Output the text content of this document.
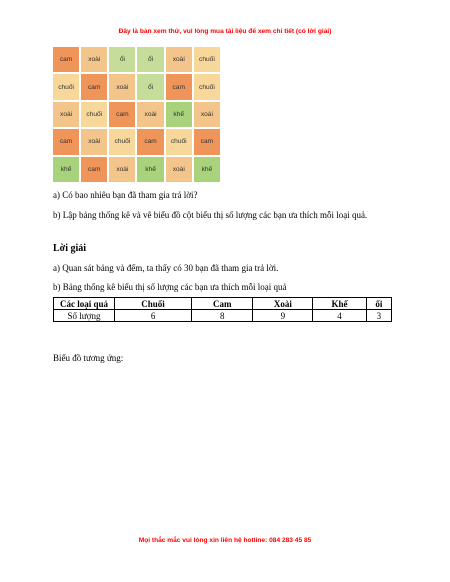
Đây là bản xem thử, vui lòng mua tài liệu để xem chi tiết (có lời giải)
cam	xoài	ổi	ổi	xoài	chuối
chuối	cam	xoài	ổi	cam	chuối
xoài	chuối	cam	xoài	khế	xoài
cam	xoài	chuối	cam	chuối	cam
khế	cam	xoài	khế	xoài	khế

a) Có bao nhiêu bạn đã tham gia trả lời?

b) Lập bảng thống kê và vẽ biểu đồ cột biểu thị số lượng các bạn ưa thích mỗi loại quả.

Lời giải

a) Quan sát bảng và đếm, ta thấy có 30 bạn đã tham gia trả lời.

b) Bảng thống kê biểu thị số lượng các bạn ưa thích mỗi loại quả

Các loại quả	Chuối	Cam	Xoài	Khế	ổi
Số lượng	6	8	9	4	3

Biểu đồ tương ứng:

Mọi thắc mắc vui lòng xin liên hệ hotline: 084 283 45 85
